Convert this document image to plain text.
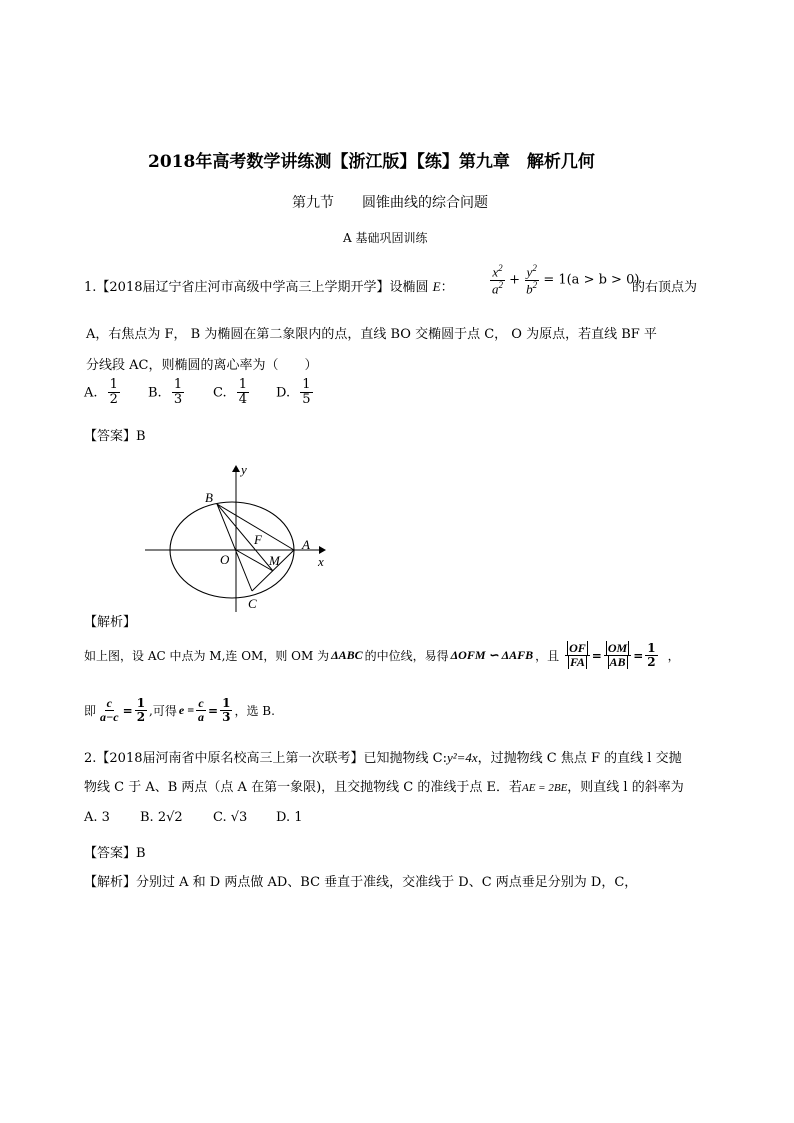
2018年高考数学讲练测【浙江版】【练】第九章　解析几何
第九节　　圆锥曲线的综合问题
A 基础巩固训练
1.【2018届辽宁省庄河市高级中学高三上学期开学】设椭圆 E：	$\frac{x^2}{a^2} + \frac{y^2}{b^2} = 1(a > b > 0)$
的右顶点为
A，右焦点为 F， B 为椭圆在第二象限内的点，直线 BO 交椭圆于点 C， O 为原点，若直线 BF 平
分线段 AC，则椭圆的离心率为（　　）
A. $\frac{1}{2} B$. $\frac{1}{3} C$. $\frac{1}{4} D$. $\frac{1}{5}$
【答案】B
y
x
B
A
F
O	M
C
【解析】
如上图，设 AC 中点为 M,连 OM，则 OM 为 ΔABC 的中位线，易得 ΔOFM ∽ ΔAFB ，且 $\frac{OF}{FA} = \frac{OM}{AB} = \frac{1}{2}$ ，
即 $\frac{c}{a-c} = \frac{1}{2}$ ,可得 $e = \frac{c}{a} = \frac{1}{3}$ ，选 B.
2.【2018届河南省中原名校高三上第一次联考】已知抛物线 C:y²=4x，过抛物线 C 焦点 F 的直线 l 交抛
物线 C 于 A、B 两点（点 A 在第一象限)，且交抛物线 C 的准线于点 E．若AE = 2BE，则直线 l 的斜率为
A. 3 B. 2√2 C. √3 D. 1
【答案】B
【解析】分别过 A 和 D 两点做 AD、BC 垂直于准线，交准线于 D、C 两点垂足分别为 D，C，
